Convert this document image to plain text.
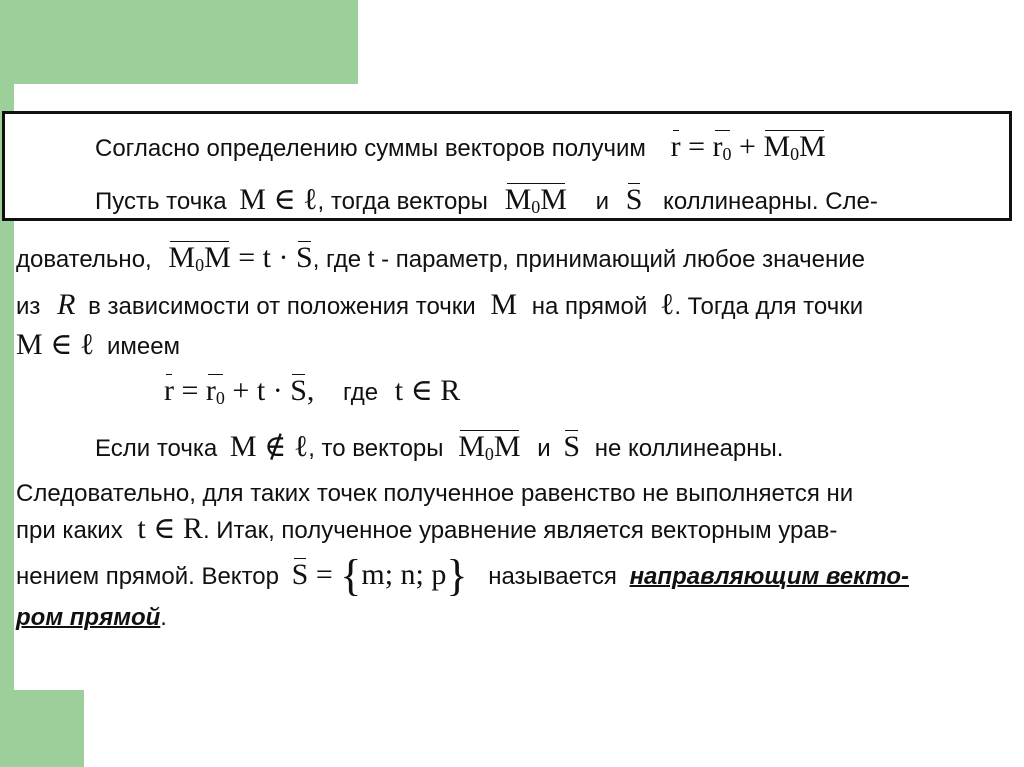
Согласно определению суммы векторов получим $r = r_0 + M_0M$
Пусть точка M ∈ ℓ, тогда векторы $M_0M$ и S коллинеарны. Сле-
довательно, $M_0M = t \cdot S$, где t - параметр, принимающий любое значение
из R в зависимости от положения точки M на прямой ℓ. Тогда для точки
M ∈ ℓ имеем
$r = r_0 + t \cdot S$, где t ∈ R
Если точка M ∉ ℓ, то векторы $M_0M$ и S не коллинеарны.
Следовательно, для таких точек полученное равенство не выполняется ни
при каких t ∈ R. Итак, полученное уравнение является векторным урав-
нением прямой. Вектор S = {m; n; p} называется направляющим векто-
ром прямой.
